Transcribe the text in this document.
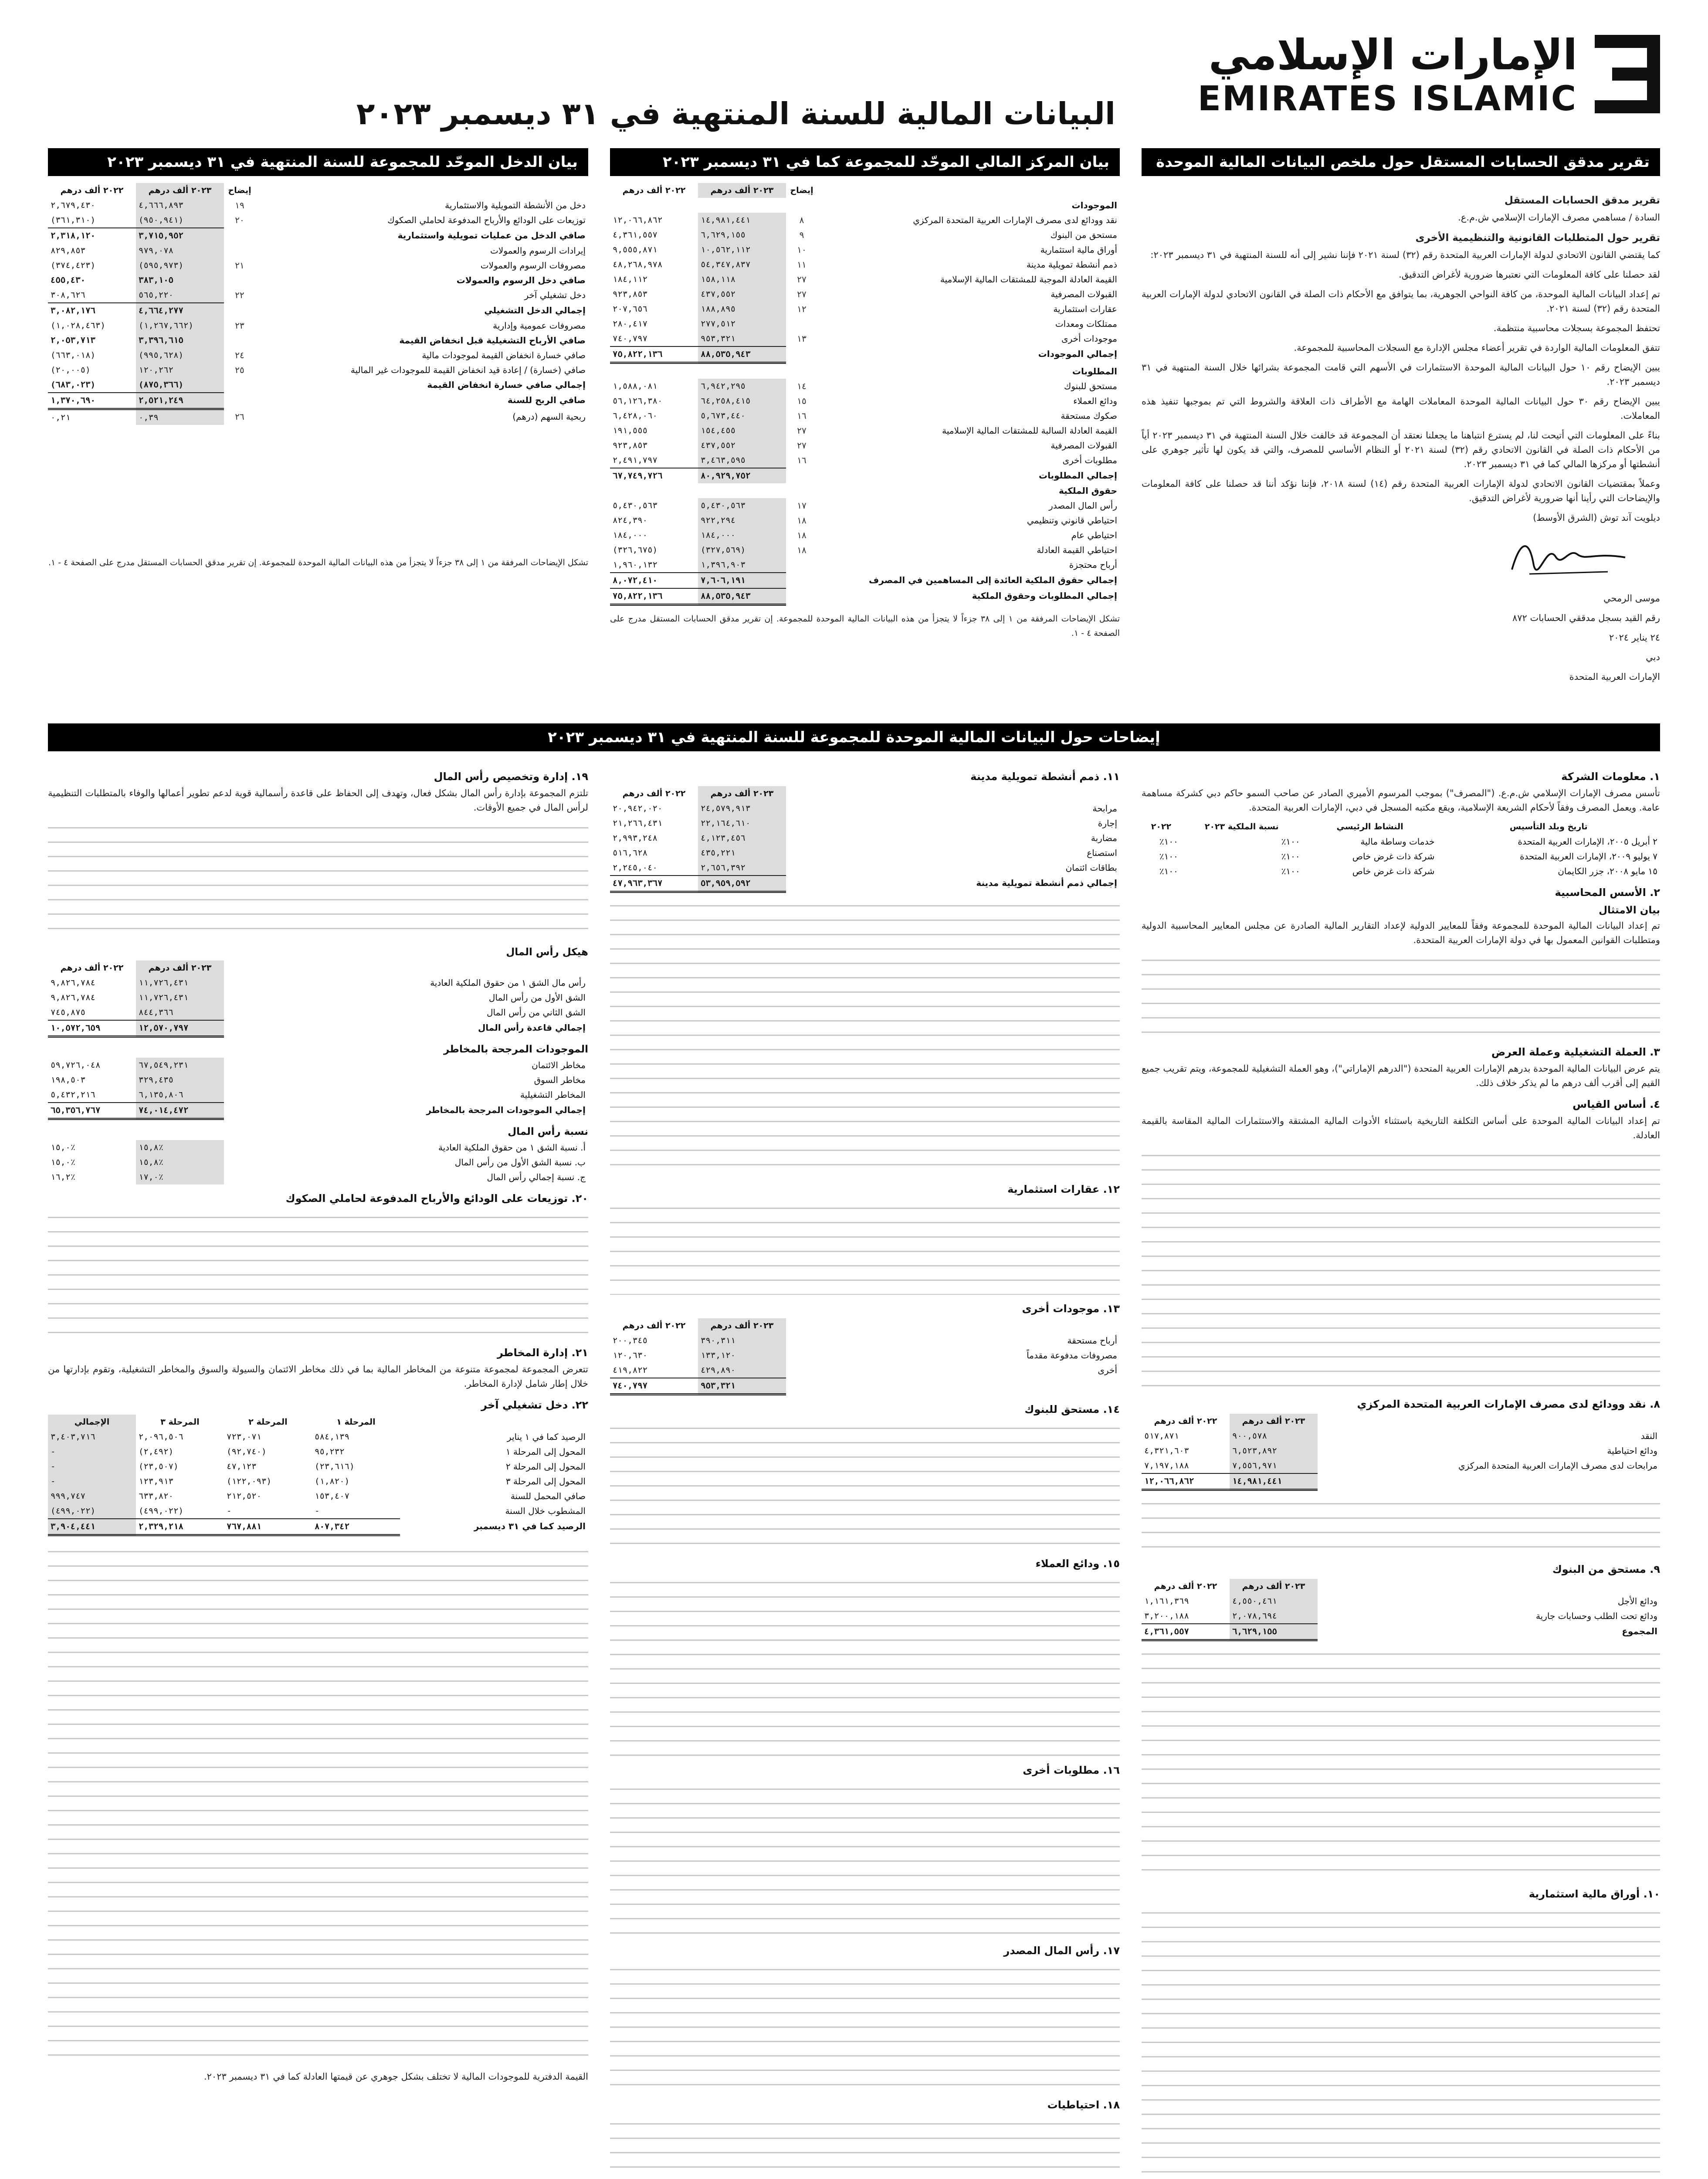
الإمارات الإسلامي
EMIRATES ISLAMIC
البيانات المالية للسنة المنتهية في ٣١ ديسمبر ٢٠٢٣
تقرير مدقق الحسابات المستقل حول ملخص البيانات المالية الموحدة
بيان المركز المالي الموحّد للمجموعة كما في ٣١ ديسمبر ٢٠٢٣
بيان الدخل الموحّد للمجموعة للسنة المنتهية في ٣١ ديسمبر ٢٠٢٣
تقرير مدقق الحسابات المستقل

السادة / مساهمي مصرف الإمارات الإسلامي ش.م.ع.

تقرير حول المتطلبات القانونية والتنظيمية الأخرى

كما يقتضي القانون الاتحادي لدولة الإمارات العربية المتحدة رقم (٣٢) لسنة ٢٠٢١ فإننا نشير إلى أنه للسنة المنتهية في ٣١ ديسمبر ٢٠٢٣:

لقد حصلنا على كافة المعلومات التي نعتبرها ضرورية لأغراض التدقيق.

تم إعداد البيانات المالية الموحدة، من كافة النواحي الجوهرية، بما يتوافق مع الأحكام ذات الصلة في القانون الاتحادي لدولة الإمارات العربية المتحدة رقم (٣٢) لسنة ٢٠٢١.

تحتفظ المجموعة بسجلات محاسبية منتظمة.

تتفق المعلومات المالية الواردة في تقرير أعضاء مجلس الإدارة مع السجلات المحاسبية للمجموعة.

يبين الإيضاح رقم ١٠ حول البيانات المالية الموحدة الاستثمارات في الأسهم التي قامت المجموعة بشرائها خلال السنة المنتهية في ٣١ ديسمبر ٢٠٢٣.

يبين الإيضاح رقم ٣٠ حول البيانات المالية الموحدة المعاملات الهامة مع الأطراف ذات العلاقة والشروط التي تم بموجبها تنفيذ هذه المعاملات.

بناءً على المعلومات التي أتيحت لنا، لم يسترع انتباهنا ما يجعلنا نعتقد أن المجموعة قد خالفت خلال السنة المنتهية في ٣١ ديسمبر ٢٠٢٣ أياً من الأحكام ذات الصلة في القانون الاتحادي رقم (٣٢) لسنة ٢٠٢١ أو النظام الأساسي للمصرف، والتي قد يكون لها تأثير جوهري على أنشطتها أو مركزها المالي كما في ٣١ ديسمبر ٢٠٢٣.

وعملاً بمقتضيات القانون الاتحادي لدولة الإمارات العربية المتحدة رقم (١٤) لسنة ٢٠١٨، فإننا نؤكد أننا قد حصلنا على كافة المعلومات والإيضاحات التي رأينا أنها ضرورية لأغراض التدقيق.

ديلويت آند توش (الشرق الأوسط)

موسى الرمحي

رقم القيد بسجل مدققي الحسابات ٨٧٢

٢٤ يناير ٢٠٢٤

دبي

الإمارات العربية المتحدة

	إيضاح	٢٠٢٣ ألف درهم	٢٠٢٢ ألف درهم
الموجودات			
نقد وودائع لدى مصرف الإمارات العربية المتحدة المركزي	٨	١٤,٩٨١,٤٤١	١٢,٠٦٦,٨٦٢
مستحق من البنوك	٩	٦,٦٢٩,١٥٥	٤,٣٦١,٥٥٧
أوراق مالية استثمارية	١٠	١٠,٥٦٢,١١٢	٩,٥٥٥,٨٧١
ذمم أنشطة تمويلية مدينة	١١	٥٤,٣٤٧,٨٣٧	٤٨,٢٦٨,٩٧٨
القيمة العادلة الموجبة للمشتقات المالية الإسلامية	٢٧	١٥٨,١١٨	١٨٤,١١٢
القبولات المصرفية	٢٧	٤٣٧,٥٥٢	٩٢٣,٨٥٣
عقارات استثمارية	١٢	١٨٨,٨٩٥	٢٠٧,٦٥٦
ممتلكات ومعدات		٢٧٧,٥١٢	٢٨٠,٤١٧
موجودات أخرى	١٣	٩٥٣,٣٢١	٧٤٠,٧٩٧
إجمالي الموجودات		٨٨,٥٣٥,٩٤٣	٧٥,٨٢٢,١٣٦
المطلوبات			
مستحق للبنوك	١٤	٦,٩٤٢,٢٩٥	١,٥٨٨,٠٨١
ودائع العملاء	١٥	٦٤,٢٥٨,٤١٥	٥٦,١٢٦,٣٨٠
صكوك مستحقة	١٦	٥,٦٧٣,٤٤٠	٦,٤٢٨,٠٦٠
القيمة العادلة السالبة للمشتقات المالية الإسلامية	٢٧	١٥٤,٤٥٥	١٩١,٥٥٥
القبولات المصرفية	٢٧	٤٣٧,٥٥٢	٩٢٣,٨٥٣
مطلوبات أخرى	١٦	٣,٤٦٣,٥٩٥	٢,٤٩١,٧٩٧
إجمالي المطلوبات		٨٠,٩٢٩,٧٥٢	٦٧,٧٤٩,٧٢٦
حقوق الملكية			
رأس المال المصدر	١٧	٥,٤٣٠,٥٦٣	٥,٤٣٠,٥٦٣
احتياطي قانوني وتنظيمي	١٨	٩٢٢,٢٩٤	٨٢٤,٣٩٠
احتياطي عام	١٨	١٨٤,٠٠٠	١٨٤,٠٠٠
احتياطي القيمة العادلة	١٨	(٣٢٧,٥٦٩)	(٣٢٦,٦٧٥)
أرباح محتجزة		١,٣٩٦,٩٠٣	١,٩٦٠,١٣٢
إجمالي حقوق الملكية العائدة إلى المساهمين في المصرف		٧,٦٠٦,١٩١	٨,٠٧٢,٤١٠
إجمالي المطلوبات وحقوق الملكية		٨٨,٥٣٥,٩٤٣	٧٥,٨٢٢,١٣٦
تشكل الإيضاحات المرفقة من ١ إلى ٣٨ جزءاً لا يتجزأ من هذه البيانات المالية الموحدة للمجموعة. إن تقرير مدقق الحسابات المستقل مدرج على الصفحة ٤ - ١.
	إيضاح	٢٠٢٣ ألف درهم	٢٠٢٢ ألف درهم
دخل من الأنشطة التمويلية والاستثمارية	١٩	٤,٦٦٦,٨٩٣	٢,٦٧٩,٤٣٠
توزيعات على الودائع والأرباح المدفوعة لحاملي الصكوك	٢٠	(٩٥٠,٩٤١)	(٣٦١,٣١٠)
صافي الدخل من عمليات تمويلية واستثمارية		٣,٧١٥,٩٥٢	٢,٣١٨,١٢٠
إيرادات الرسوم والعمولات		٩٧٩,٠٧٨	٨٢٩,٨٥٣
مصروفات الرسوم والعمولات	٢١	(٥٩٥,٩٧٣)	(٣٧٤,٤٢٣)
صافي دخل الرسوم والعمولات		٣٨٣,١٠٥	٤٥٥,٤٣٠
دخل تشغيلي آخر	٢٢	٥٦٥,٢٢٠	٣٠٨,٦٢٦
إجمالي الدخل التشغيلي		٤,٦٦٤,٢٧٧	٣,٠٨٢,١٧٦
مصروفات عمومية وإدارية	٢٣	(١,٢٦٧,٦٦٢)	(١,٠٢٨,٤٦٣)
صافي الأرباح التشغيلية قبل انخفاض القيمة		٣,٣٩٦,٦١٥	٢,٠٥٣,٧١٣
صافي خسارة انخفاض القيمة لموجودات مالية	٢٤	(٩٩٥,٦٢٨)	(٦٦٣,٠١٨)
صافي (خسارة) / إعادة قيد انخفاض القيمة للموجودات غير المالية	٢٥	١٢٠,٢٦٢	(٢٠,٠٠٥)
إجمالي صافي خسارة انخفاض القيمة		(٨٧٥,٣٦٦)	(٦٨٣,٠٢٣)
صافي الربح للسنة		٢,٥٢١,٢٤٩	١,٣٧٠,٦٩٠
ربحية السهم (درهم)	٢٦	٠,٣٩	٠,٢١
تشكل الإيضاحات المرفقة من ١ إلى ٣٨ جزءاً لا يتجزأ من هذه البيانات المالية الموحدة للمجموعة. إن تقرير مدقق الحسابات المستقل مدرج على الصفحة ٤ - ١.
إيضاحات حول البيانات المالية الموحدة للمجموعة للسنة المنتهية في ٣١ ديسمبر ٢٠٢٣
١. معلومات الشركة
تأسس مصرف الإمارات الإسلامي ش.م.ع. ("المصرف") بموجب المرسوم الأميري الصادر عن صاحب السمو حاكم دبي كشركة مساهمة عامة. ويعمل المصرف وفقاً لأحكام الشريعة الإسلامية، ويقع مكتبه المسجل في دبي، الإمارات العربية المتحدة.
تاريخ وبلد التأسيس	النشاط الرئيسي	نسبة الملكية ٢٠٢٣	٢٠٢٢
٢ أبريل ٢٠٠٥، الإمارات العربية المتحدة	خدمات وساطة مالية	١٠٠٪	١٠٠٪
٧ يوليو ٢٠٠٩، الإمارات العربية المتحدة	شركة ذات غرض خاص	١٠٠٪	١٠٠٪
١٥ مايو ٢٠٠٨، جزر الكايمان	شركة ذات غرض خاص	١٠٠٪	١٠٠٪
٢. الأسس المحاسبية
بيان الامتثال
تم إعداد البيانات المالية الموحدة للمجموعة وفقاً للمعايير الدولية لإعداد التقارير المالية الصادرة عن مجلس المعايير المحاسبية الدولية ومتطلبات القوانين المعمول بها في دولة الإمارات العربية المتحدة.
٣. العملة التشغيلية وعملة العرض
يتم عرض البيانات المالية الموحدة بدرهم الإمارات العربية المتحدة ("الدرهم الإماراتي")، وهو العملة التشغيلية للمجموعة، ويتم تقريب جميع القيم إلى أقرب ألف درهم ما لم يذكر خلاف ذلك.
٤. أساس القياس
تم إعداد البيانات المالية الموحدة على أساس التكلفة التاريخية باستثناء الأدوات المالية المشتقة والاستثمارات المالية المقاسة بالقيمة العادلة.
٨. نقد وودائع لدى مصرف الإمارات العربية المتحدة المركزي
	٢٠٢٣ ألف درهم	٢٠٢٢ ألف درهم
النقد	٩٠٠,٥٧٨	٥١٧,٨٧١
ودائع احتياطية	٦,٥٢٣,٨٩٢	٤,٣٢١,٦٠٣
مرابحات لدى مصرف الإمارات العربية المتحدة المركزي	٧,٥٥٦,٩٧١	٧,١٩٧,١٨٨
	١٤,٩٨١,٤٤١	١٢,٠٦٦,٨٦٢
٩. مستحق من البنوك
	٢٠٢٣ ألف درهم	٢٠٢٢ ألف درهم
ودائع الأجل	٤,٥٥٠,٤٦١	١,١٦١,٣٦٩
ودائع تحت الطلب وحسابات جارية	٢,٠٧٨,٦٩٤	٣,٢٠٠,١٨٨
المجموع	٦,٦٢٩,١٥٥	٤,٣٦١,٥٥٧
١٠. أوراق مالية استثمارية
١١. ذمم أنشطة تمويلية مدينة
	٢٠٢٣ ألف درهم	٢٠٢٢ ألف درهم
مرابحة	٢٤,٥٧٩,٩١٣	٢٠,٩٤٢,٠٢٠
إجارة	٢٢,١٦٤,٦١٠	٢١,٢٦٦,٤٣١
مضاربة	٤,١٢٣,٤٥٦	٢,٩٩٣,٢٤٨
استصناع	٤٣٥,٢٢١	٥١٦,٦٢٨
بطاقات ائتمان	٢,٦٥٦,٣٩٢	٢,٢٤٥,٠٤٠
إجمالي ذمم أنشطة تمويلية مدينة	٥٣,٩٥٩,٥٩٢	٤٧,٩٦٣,٣٦٧
١٢. عقارات استثمارية
١٣. موجودات أخرى
	٢٠٢٣ ألف درهم	٢٠٢٢ ألف درهم
أرباح مستحقة	٣٩٠,٣١١	٢٠٠,٣٤٥
مصروفات مدفوعة مقدماً	١٣٣,١٢٠	١٢٠,٦٣٠
أخرى	٤٢٩,٨٩٠	٤١٩,٨٢٢
	٩٥٣,٣٢١	٧٤٠,٧٩٧
١٤. مستحق للبنوك
١٥. ودائع العملاء
١٦. مطلوبات أخرى
١٧. رأس المال المصدر
١٨. احتياطيات
١٩. إدارة وتخصيص رأس المال
تلتزم المجموعة بإدارة رأس المال بشكل فعال، وتهدف إلى الحفاظ على قاعدة رأسمالية قوية لدعم تطوير أعمالها والوفاء بالمتطلبات التنظيمية لرأس المال في جميع الأوقات.
هيكل رأس المال
	٢٠٢٣ ألف درهم	٢٠٢٢ ألف درهم
رأس مال الشق ١ من حقوق الملكية العادية	١١,٧٢٦,٤٣١	٩,٨٢٦,٧٨٤
الشق الأول من رأس المال	١١,٧٢٦,٤٣١	٩,٨٢٦,٧٨٤
الشق الثاني من رأس المال	٨٤٤,٣٦٦	٧٤٥,٨٧٥
إجمالي قاعدة رأس المال	١٢,٥٧٠,٧٩٧	١٠,٥٧٢,٦٥٩
الموجودات المرجحة بالمخاطر
مخاطر الائتمان	٦٧,٥٤٩,٢٣١	٥٩,٧٢٦,٠٤٨
مخاطر السوق	٣٢٩,٤٣٥	١٩٨,٥٠٣
المخاطر التشغيلية	٦,١٣٥,٨٠٦	٥,٤٣٢,٢١٦
إجمالي الموجودات المرجحة بالمخاطر	٧٤,٠١٤,٤٧٢	٦٥,٣٥٦,٧٦٧
نسبة رأس المال
أ. نسبة الشق ١ من حقوق الملكية العادية	١٥,٨٪	١٥,٠٪
ب. نسبة الشق الأول من رأس المال	١٥,٨٪	١٥,٠٪
ج. نسبة إجمالي رأس المال	١٧,٠٪	١٦,٢٪
٢٠. توزيعات على الودائع والأرباح المدفوعة لحاملي الصكوك
٢١. إدارة المخاطر
تتعرض المجموعة لمجموعة متنوعة من المخاطر المالية بما في ذلك مخاطر الائتمان والسيولة والسوق والمخاطر التشغيلية، وتقوم بإدارتها من خلال إطار شامل لإدارة المخاطر.
٢٢. دخل تشغيلي آخر
	المرحلة ١	المرحلة ٢	المرحلة ٣	الإجمالي
الرصيد كما في ١ يناير	٥٨٤,١٣٩	٧٢٣,٠٧١	٢,٠٩٦,٥٠٦	٣,٤٠٣,٧١٦
المحول إلى المرحلة ١	٩٥,٢٣٢	(٩٢,٧٤٠)	(٢,٤٩٢)	-
المحول إلى المرحلة ٢	(٢٣,٦١٦)	٤٧,١٢٣	(٢٣,٥٠٧)	-
المحول إلى المرحلة ٣	(١,٨٢٠)	(١٢٢,٠٩٣)	١٢٣,٩١٣	-
صافي المحمل للسنة	١٥٣,٤٠٧	٢١٢,٥٢٠	٦٣٣,٨٢٠	٩٩٩,٧٤٧
المشطوب خلال السنة	-	-	(٤٩٩,٠٢٢)	(٤٩٩,٠٢٢)
الرصيد كما في ٣١ ديسمبر	٨٠٧,٣٤٢	٧٦٧,٨٨١	٢,٣٢٩,٢١٨	٣,٩٠٤,٤٤١
القيمة الدفترية للموجودات المالية لا تختلف بشكل جوهري عن قيمتها العادلة كما في ٣١ ديسمبر ٢٠٢٣.
